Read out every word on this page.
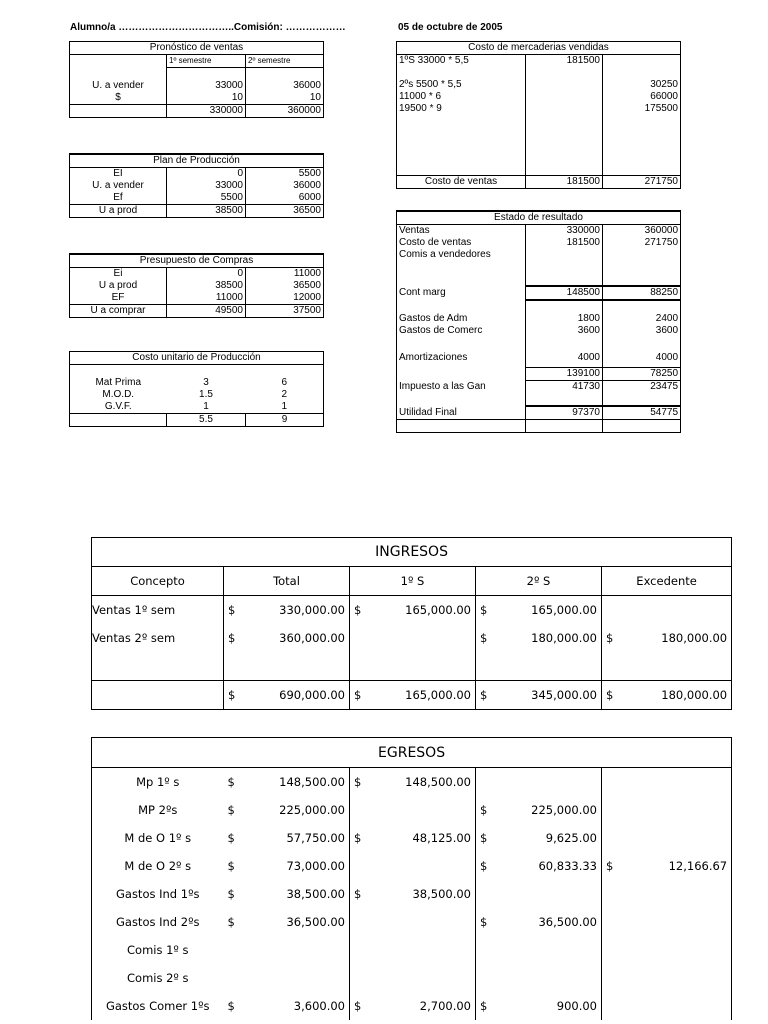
Alumno/a ……………………………..Comisión: ………………	05 de octubre de 2005
Pronóstico de ventas		
	1º semestre	2º semestre

U. a vender	33000	36000
$	10	10
	330000	360000
Plan de Producción		
EI	0	5500
U. a vender	33000	36000
Ef	5500	6000
U a prod	38500	36500
Presupuesto de Compras		
Ei	0	11000
U a prod	38500	36500
EF	11000	12000
U a comprar	49500	37500
Costo unitario de Producción		

Mat Prima	3	6
M.O.D.	1.5	2
G.V.F.	1	1
	5.5	9
Costo de mercaderias vendidas		
1ºS 33000 * 5,5	181500	

2ºs 5500 * 5,5		30250
11000 * 6		66000
19500 * 9		175500

Costo de ventas	181500	271750
Estado de resultado		
Ventas	330000	360000
Costo de ventas	181500	271750
Comis a vendedores		

Cont marg	148500	88250

Gastos de Adm	1800	2400
Gastos de Comerc	3600	3600

Amortizaciones	4000	4000
	139100	78250
Impuesto a las Gan	41730	23475

Utilidad Final	97370	54775

INGRESOS								
Concepto	Total		1º S		2º S		Excedente	
Ventas 1º sem	$	330,000.00	$	165,000.00	$	165,000.00		
Ventas 2º sem	$	360,000.00			$	180,000.00	$	180,000.00

	$	690,000.00	$	165,000.00	$	345,000.00	$	180,000.00
EGRESOS								
Mp 1º s	$	148,500.00	$	148,500.00				
MP 2ºs	$	225,000.00			$	225,000.00		
M de O 1º s	$	57,750.00	$	48,125.00	$	9,625.00		
M de O 2º s	$	73,000.00			$	60,833.33	$	12,166.67
Gastos Ind 1ºs	$	38,500.00	$	38,500.00				
Gastos Ind 2ºs	$	36,500.00			$	36,500.00		
Comis 1º s								
Comis 2º s								
Gastos Comer 1ºs	$	3,600.00	$	2,700.00	$	900.00		
